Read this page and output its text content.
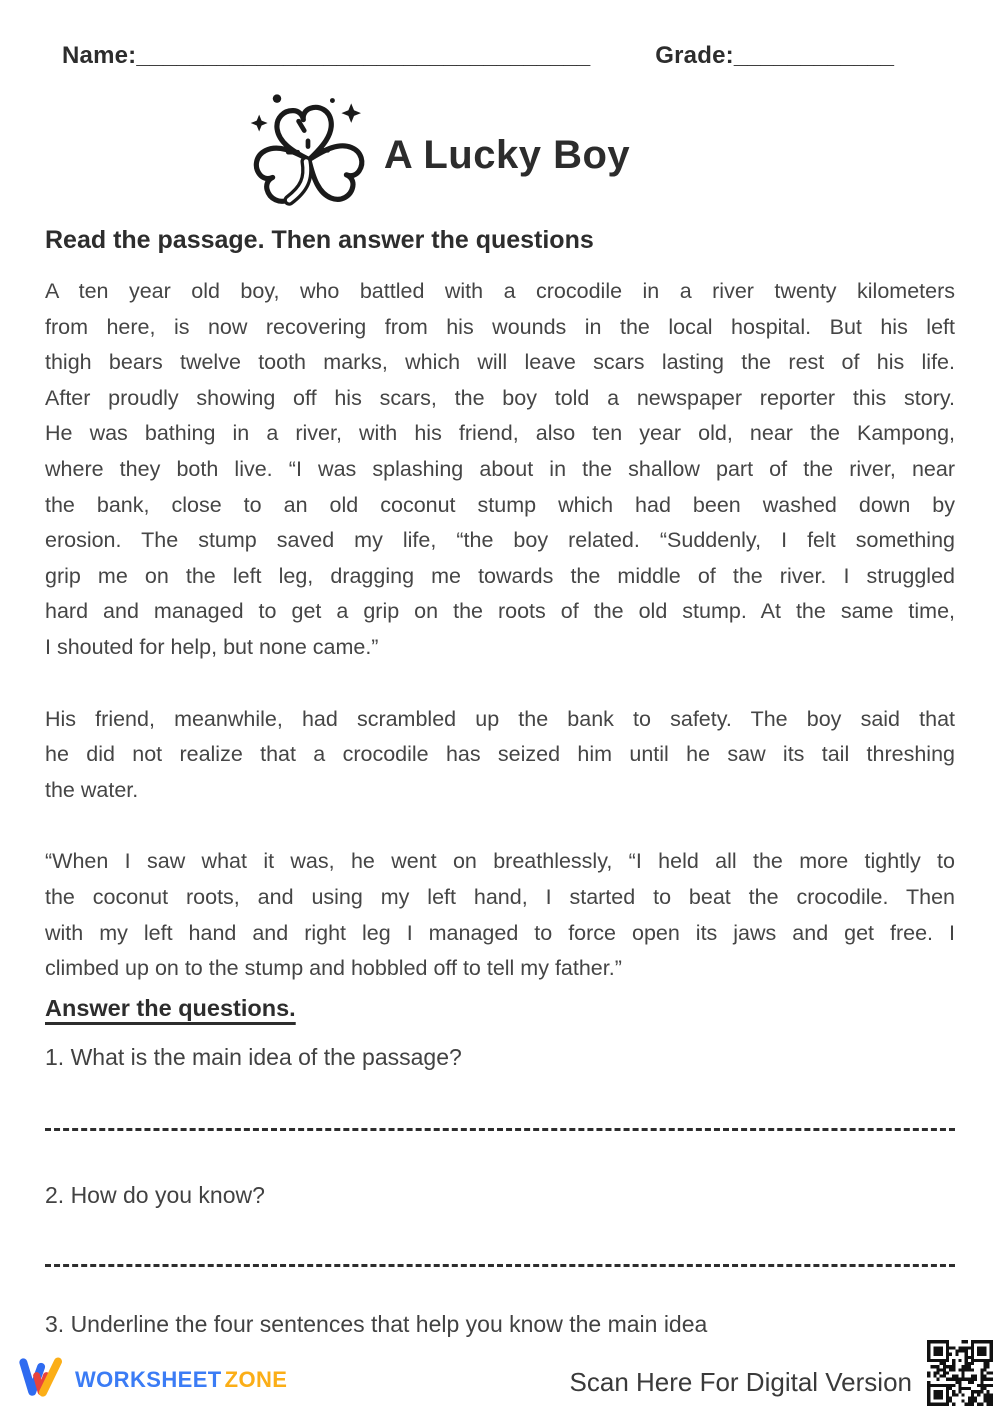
Name: __________________________________	Grade: ____________
A Lucky Boy
Read the passage. Then answer the questions
A ten year old boy, who battled with a crocodile in a river twenty kilometers
from here, is now recovering from his wounds in the local hospital. But his left
thigh bears twelve tooth marks, which will leave scars lasting the rest of his life.
After proudly showing off his scars, the boy told a newspaper reporter this story.
He was bathing in a river, with his friend, also ten year old, near the Kampong,
where they both live. “I was splashing about in the shallow part of the river, near
the bank, close to an old coconut stump which had been washed down by
erosion. The stump saved my life, “the boy related. “Suddenly, I felt something
grip me on the left leg, dragging me towards the middle of the river. I struggled
hard and managed to get a grip on the roots of the old stump. At the same time,
I shouted for help, but none came.”
His friend, meanwhile, had scrambled up the bank to safety. The boy said that
he did not realize that a crocodile has seized him until he saw its tail threshing
the water.
“When I saw what it was, he went on breathlessly, “I held all the more tightly to
the coconut roots, and using my left hand, I started to beat the crocodile. Then
with my left hand and right leg I managed to force open its jaws and get free. I
climbed up on to the stump and hobbled off to tell my father.”
Answer the questions.
1. What is the main idea of the passage?
2. How do you know?
3. Underline the four sentences that help you know the main idea
WORKSHEET ZONE	Scan Here For Digital Version
